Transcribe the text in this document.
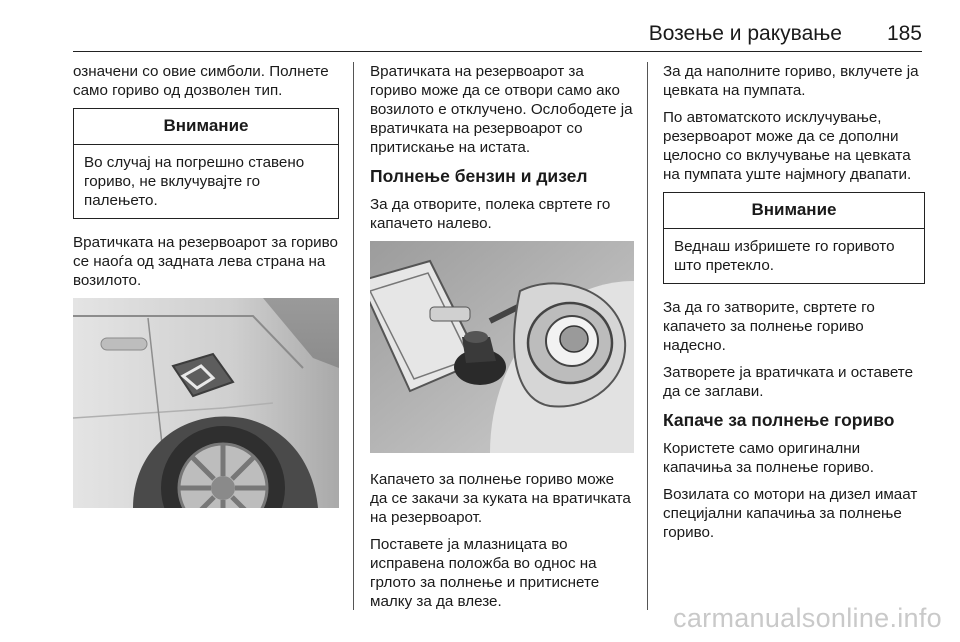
Возење и ракување 185

означени со овие симболи. Полнете само гориво од дозволен тип.

Внимание
Во случај на погрешно ставено гориво, не вклучувајте го палењето.

Вратичката на резервоарот за гориво се наоѓа од задната лева страна на возилото.

Вратичката на резервоарот за гориво може да се отвори само ако возилото е отклучено. Ослободете ја вратичката на резервоарот со притискање на истата.

Полнење бензин и дизел

За да отворите, полека свртете го капачето налево.

Капачето за полнење гориво може да се закачи за куката на вратичката на резервоарот.

Поставете ја млазницата во исправена положба во однос на грлото за полнење и притиснете малку за да влезе.

За да наполните гориво, вклучете ја цевката на пумпата.

По автоматското исклучување, резервоарот може да се дополни целосно со вклучување на цевката на пумпата уште најмногу двапати.

Внимание
Веднаш избришете го горивото што претекло.

За да го затворите, свртете го капачето за полнење гориво надесно.

Затворете ја вратичката и оставете да се заглави.

Капаче за полнење гориво

Користете само оригинални капачиња за полнење гориво.

Возилата со мотори на дизел имаат специјални капачиња за полнење гориво.

carmanualsonline.info
